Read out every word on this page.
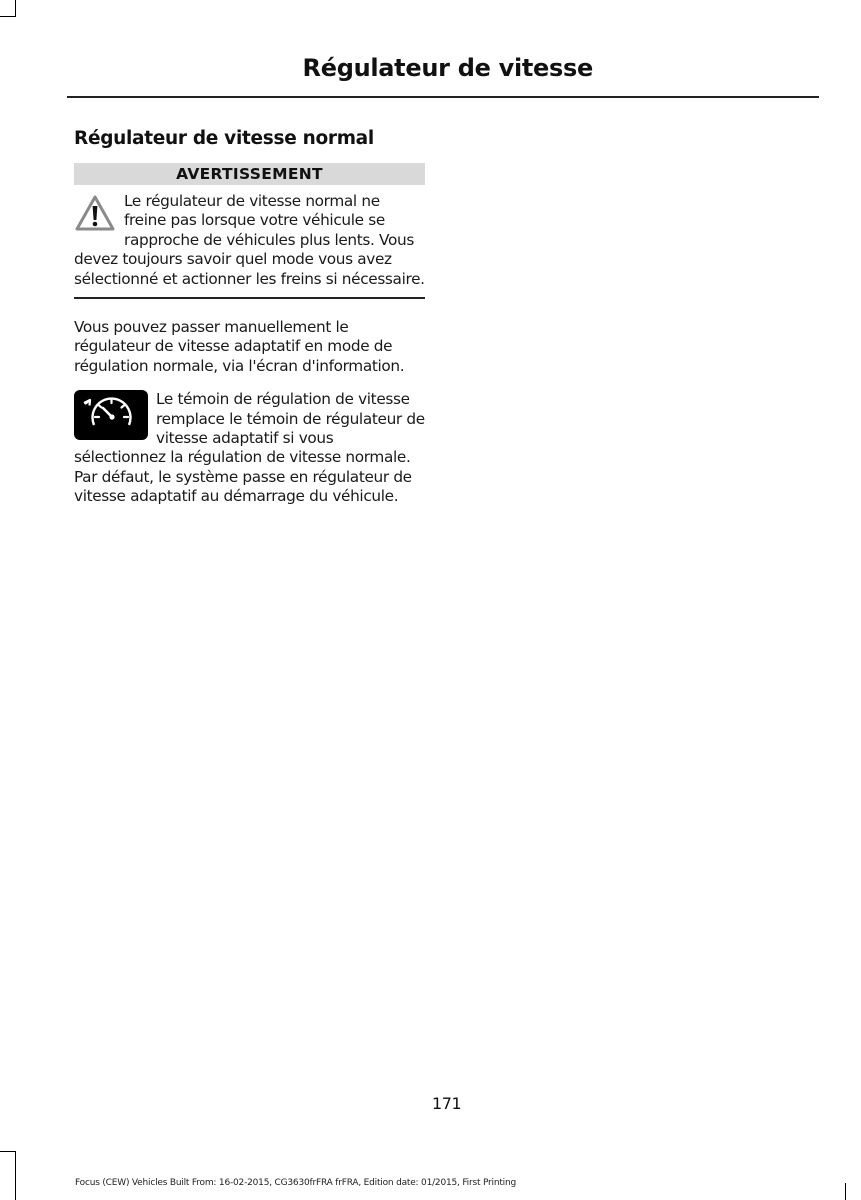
Régulateur de vitesse
Régulateur de vitesse normal
AVERTISSEMENT

Le régulateur de vitesse normal ne freine pas lorsque votre véhicule se rapproche de véhicules plus lents. Vous devez toujours savoir quel mode vous avez sélectionné et actionner les freins si nécessaire.

Vous pouvez passer manuellement le régulateur de vitesse adaptatif en mode de régulation normale, via l'écran d'information.

Le témoin de régulation de vitesse remplace le témoin de régulateur de vitesse adaptatif si vous sélectionnez la régulation de vitesse normale. Par défaut, le système passe en régulateur de vitesse adaptatif au démarrage du véhicule.

171
Focus (CEW) Vehicles Built From: 16-02-2015, CG3630frFRA frFRA, Edition date: 01/2015, First Printing
